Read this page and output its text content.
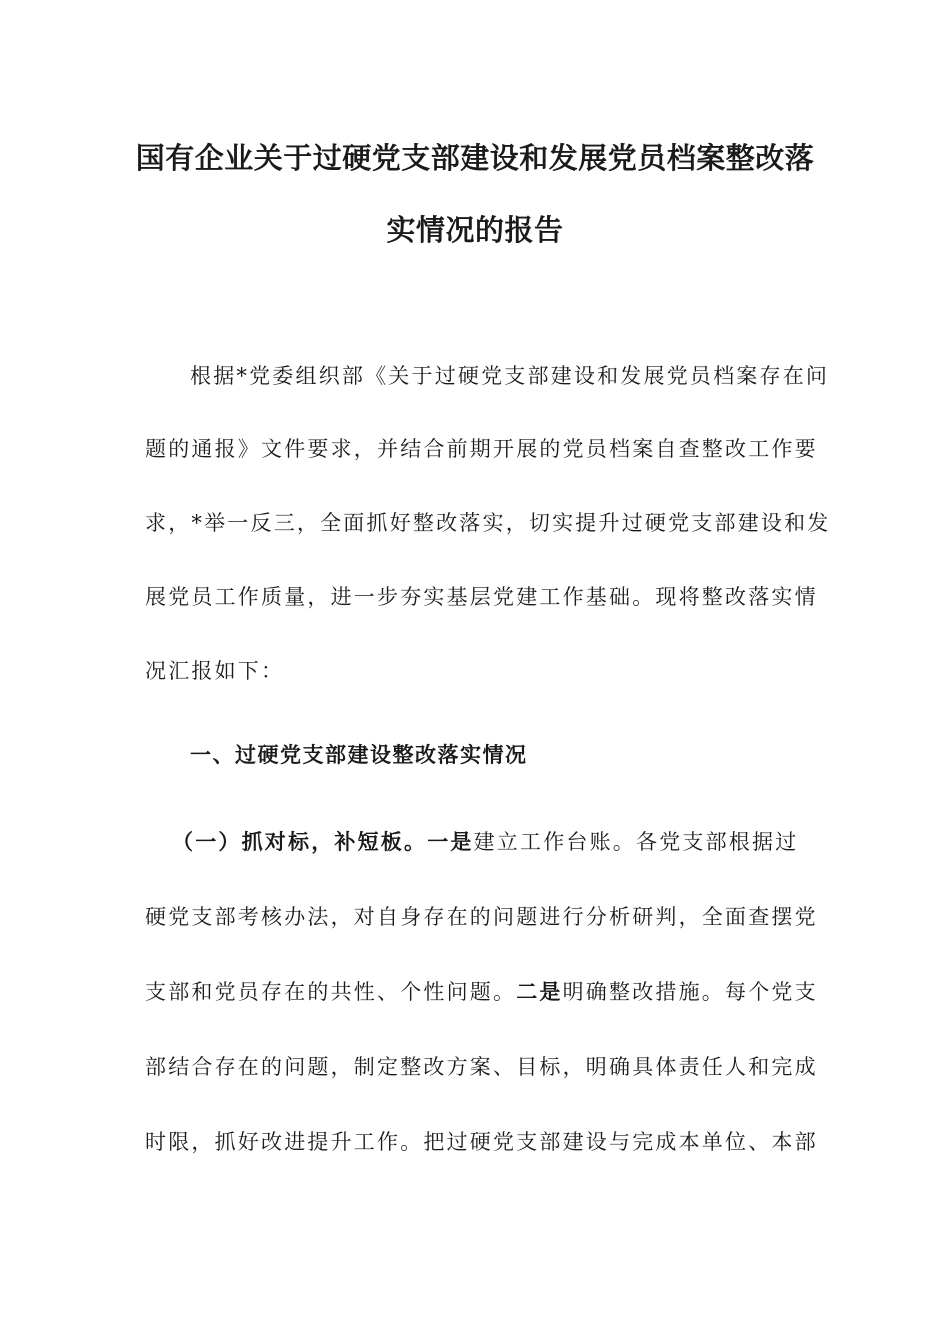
国有企业关于过硬党支部建设和发展党员档案整改落
实情况的报告
根据*党委组织部《关于过硬党支部建设和发展党员档案存在问
题的通报》文件要求，并结合前期开展的党员档案自查整改工作要
求，*举一反三，全面抓好整改落实，切实提升过硬党支部建设和发
展党员工作质量，进一步夯实基层党建工作基础。现将整改落实情
况汇报如下：
一、过硬党支部建设整改落实情况
（一）抓对标，补短板。一是建立工作台账。各党支部根据过
硬党支部考核办法，对自身存在的问题进行分析研判，全面查摆党
支部和党员存在的共性、个性问题。二是明确整改措施。每个党支
部结合存在的问题，制定整改方案、目标，明确具体责任人和完成
时限，抓好改进提升工作。把过硬党支部建设与完成本单位、本部
